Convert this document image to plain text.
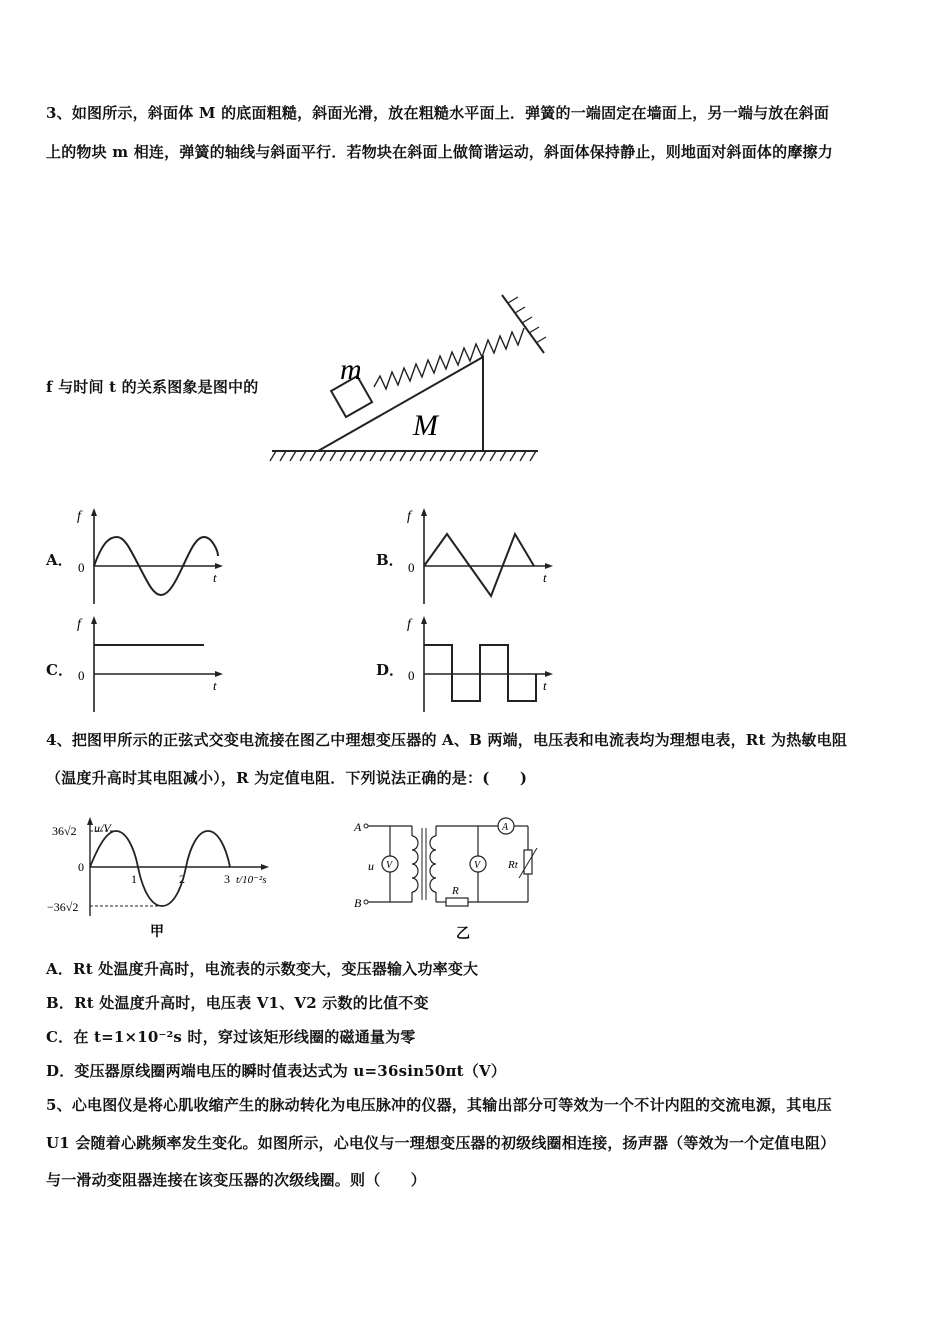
3、如图所示，斜面体 M 的底面粗糙，斜面光滑，放在粗糙水平面上．弹簧的一端固定在墙面上，另一端与放在斜面
上的物块 m 相连，弹簧的轴线与斜面平行．若物块在斜面上做简谐运动，斜面体保持静止，则地面对斜面体的摩擦力
f 与时间 t 的关系图象是图中的
M
m
A．
f
0
t
B．
f
0
t
C．
f
0
t
D．
f
0
t
4、把图甲所示的正弦式交变电流接在图乙中理想变压器的 A、B 两端，电压表和电流表均为理想电表，Rt 为热敏电阻
（温度升高时其电阻减小），R 为定值电阻．下列说法正确的是：(　　)
u/V
36√2
0
−36√2
1	2	3 t/10⁻²s
甲
A
B
u V
R
V
A
Rt
乙
A．Rt 处温度升高时，电流表的示数变大，变压器输入功率变大
B．Rt 处温度升高时，电压表 V1、V2 示数的比值不变
C．在 t=1×10⁻²s 时，穿过该矩形线圈的磁通量为零
D．变压器原线圈两端电压的瞬时值表达式为 u=36sin50πt（V）
5、心电图仪是将心肌收缩产生的脉动转化为电压脉冲的仪器，其输出部分可等效为一个不计内阻的交流电源，其电压
U1 会随着心跳频率发生变化。如图所示，心电仪与一理想变压器的初级线圈相连接，扬声器（等效为一个定值电阻）
与一滑动变阻器连接在该变压器的次级线圈。则（　　）
